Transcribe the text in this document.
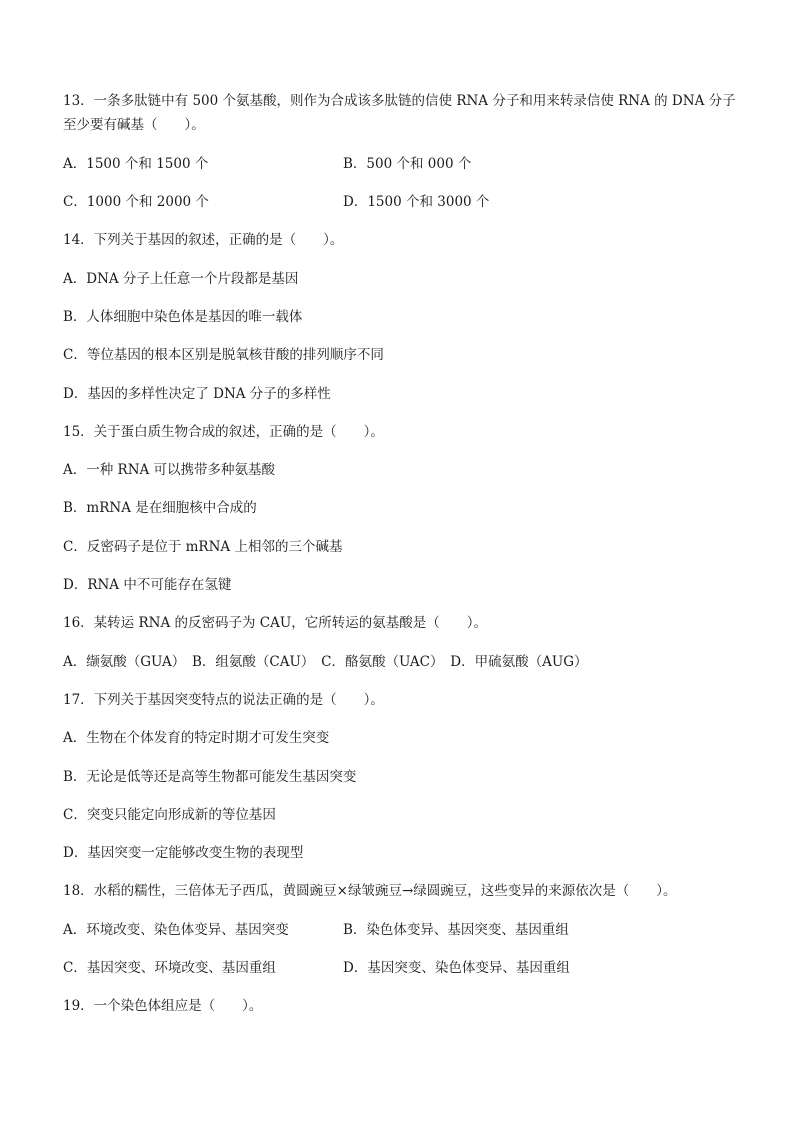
13．一条多肽链中有 500 个氨基酸，则作为合成该多肽链的信使 RNA 分子和用来转录信使 RNA 的 DNA 分子
至少要有碱基（　　）。
A．1500 个和 1500 个	B．500 个和 000 个
C．1000 个和 2000 个	D．1500 个和 3000 个
14．下列关于基因的叙述，正确的是（　　）。
A．DNA 分子上任意一个片段都是基因
B．人体细胞中染色体是基因的唯一载体
C．等位基因的根本区别是脱氧核苷酸的排列顺序不同
D．基因的多样性决定了 DNA 分子的多样性
15．关于蛋白质生物合成的叙述，正确的是（　　）。
A．一种 RNA 可以携带多种氨基酸
B．mRNA 是在细胞核中合成的
C．反密码子是位于 mRNA 上相邻的三个碱基
D．RNA 中不可能存在氢键
16．某转运 RNA 的反密码子为 CAU，它所转运的氨基酸是（　　）。
A．缬氨酸（GUA）　B．组氨酸（CAU）　C．酪氨酸（UAC）　D．甲硫氨酸（AUG）
17．下列关于基因突变特点的说法正确的是（　　）。
A．生物在个体发育的特定时期才可发生突变
B．无论是低等还是高等生物都可能发生基因突变
C．突变只能定向形成新的等位基因
D．基因突变一定能够改变生物的表现型
18．水稻的糯性，三倍体无子西瓜，黄圆豌豆×绿皱豌豆→绿圆豌豆，这些变异的来源依次是（　　）。
A．环境改变、染色体变异、基因突变	B．染色体变异、基因突变、基因重组
C．基因突变、环境改变、基因重组	D．基因突变、染色体变异、基因重组
19．一个染色体组应是（　　）。
